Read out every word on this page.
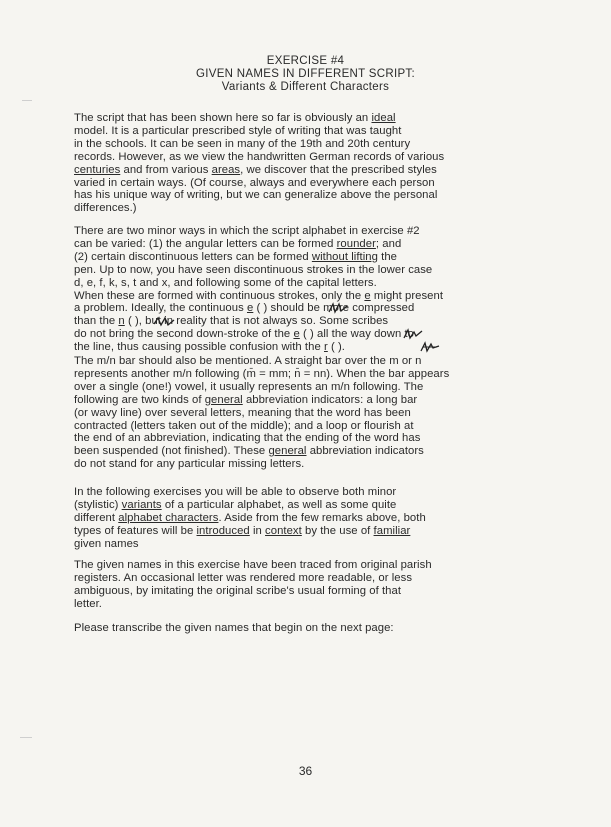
EXERCISE #4
GIVEN NAMES IN DIFFERENT SCRIPT:
Variants & Different Characters
The script that has been shown here so far is obviously an ideal
model. It is a particular prescribed style of writing that was taught
in the schools. It can be seen in many of the 19th and 20th century
records. However, as we view the handwritten German records of various
centuries and from various areas, we discover that the prescribed styles
varied in certain ways. (Of course, always and everywhere each person
has his unique way of writing, but we can generalize above the personal
differences.)
There are two minor ways in which the script alphabet in exercise #2
can be varied: (1) the angular letters can be formed rounder; and
(2) certain discontinuous letters can be formed without lifting the
pen. Up to now, you have seen discontinuous strokes in the lower case
d, e, f, k, s, t and x, and following some of the capital letters.
When these are formed with continuous strokes, only the e might present
a problem. Ideally, the continuous e ( ) should be more compressed
than the n ( ), but in reality that is not always so. Some scribes
do not bring the second down-stroke of the e ( ) all the way down to
the line, thus causing possible confusion with the r ( ).
The m/n bar should also be mentioned. A straight bar over the m or n
represents another m/n following (m̄ = mm; n̄ = nn). When the bar appears
over a single (one!) vowel, it usually represents an m/n following. The
following are two kinds of general abbreviation indicators: a long bar
(or wavy line) over several letters, meaning that the word has been
contracted (letters taken out of the middle); and a loop or flourish at
the end of an abbreviation, indicating that the ending of the word has
been suspended (not finished). These general abbreviation indicators
do not stand for any particular missing letters.
In the following exercises you will be able to observe both minor
(stylistic) variants of a particular alphabet, as well as some quite
different alphabet characters. Aside from the few remarks above, both
types of features will be introduced in context by the use of familiar
given names
The given names in this exercise have been traced from original parish
registers. An occasional letter was rendered more readable, or less
ambiguous, by imitating the original scribe's usual forming of that
letter.
Please transcribe the given names that begin on the next page:
36
